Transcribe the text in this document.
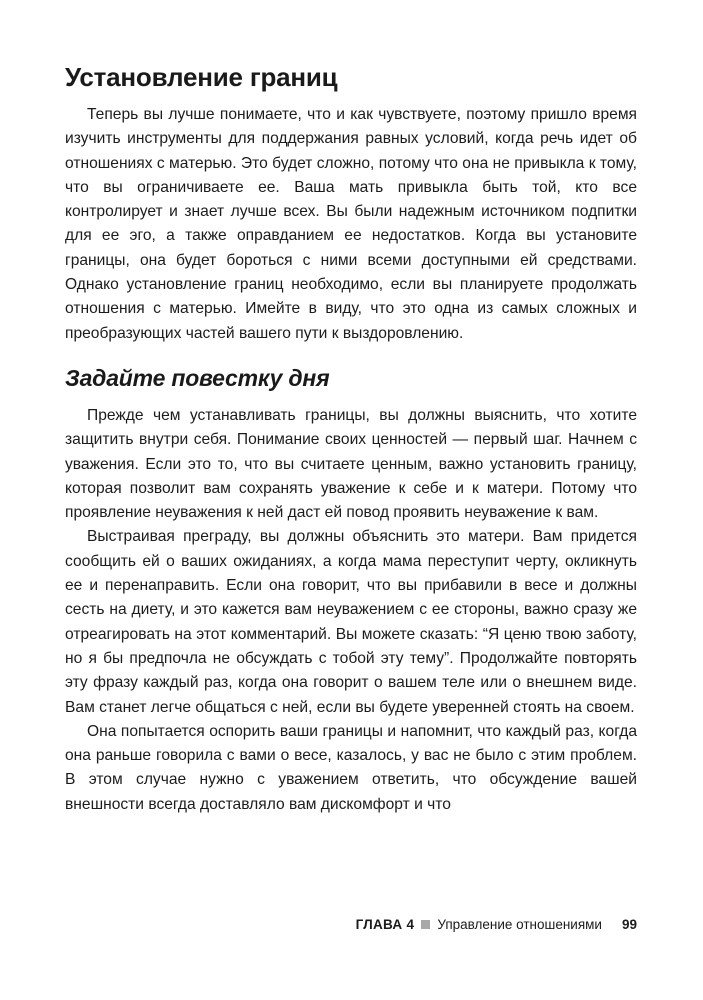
Установление границ

Теперь вы лучше понимаете, что и как чувствуете, поэтому пришло время изучить инструменты для поддержания равных условий, когда речь идет об отношениях с матерью. Это будет сложно, потому что она не привыкла к тому, что вы ограничиваете ее. Ваша мать привыкла быть той, кто все контролирует и знает лучше всех. Вы были надежным источником подпитки для ее эго, а также оправданием ее недостатков. Когда вы установите границы, она будет бороться с ними всеми доступными ей средствами. Однако установление границ необходимо, если вы планируете продолжать отношения с матерью. Имейте в виду, что это одна из самых сложных и преобразующих частей вашего пути к выздоровлению.

Задайте повестку дня

Прежде чем устанавливать границы, вы должны выяснить, что хотите защитить внутри себя. Понимание своих ценностей — первый шаг. Начнем с уважения. Если это то, что вы считаете ценным, важно установить границу, которая позволит вам сохранять уважение к себе и к матери. Потому что проявление неуважения к ней даст ей повод проявить неуважение к вам.

Выстраивая преграду, вы должны объяснить это матери. Вам придется сообщить ей о ваших ожиданиях, а когда мама переступит черту, окликнуть ее и перенаправить. Если она говорит, что вы прибавили в весе и должны сесть на диету, и это кажется вам неуважением с ее стороны, важно сразу же отреагировать на этот комментарий. Вы можете сказать: “Я ценю твою заботу, но я бы предпочла не обсуждать с тобой эту тему”. Продолжайте повторять эту фразу каждый раз, когда она говорит о вашем теле или о внешнем виде. Вам станет легче общаться с ней, если вы будете уверенней стоять на своем.

Она попытается оспорить ваши границы и напомнит, что каждый раз, когда она раньше говорила с вами о весе, казалось, у вас не было с этим проблем. В этом случае нужно с уважением ответить, что обсуждение вашей внешности всегда доставляло вам дискомфорт и что

ГЛАВА 4 Управление отношениями 99
